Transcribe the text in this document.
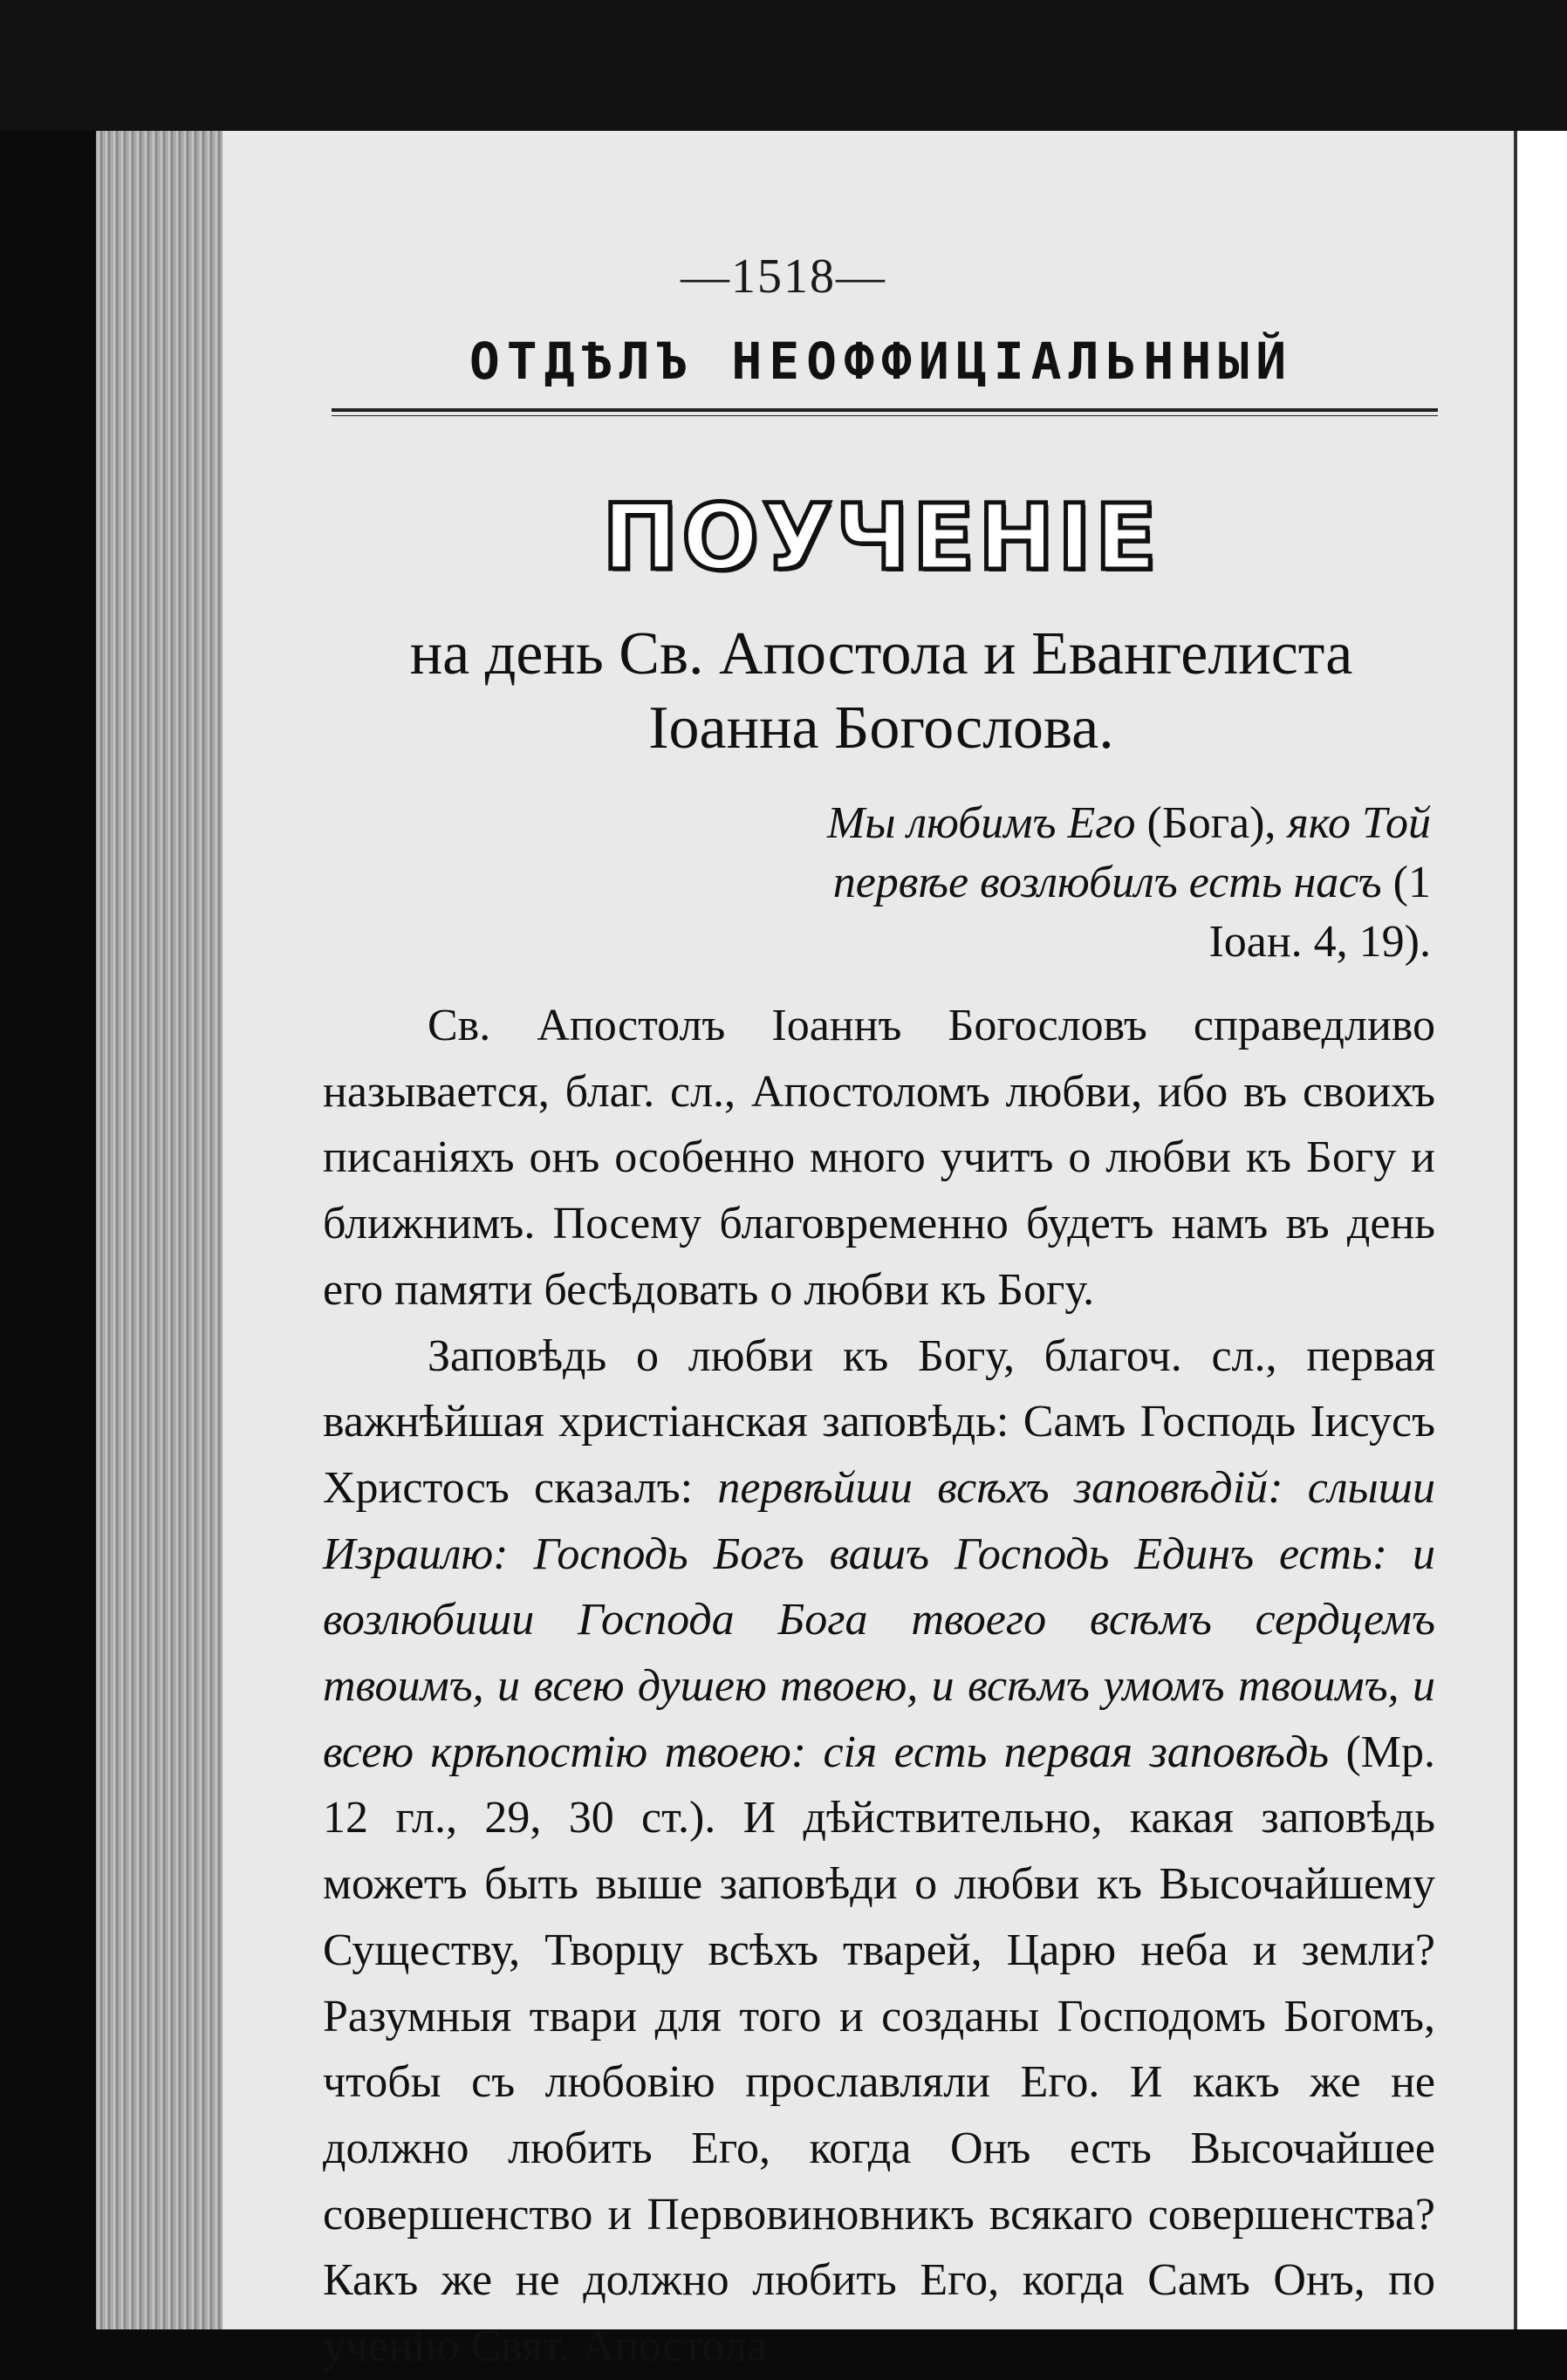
—1518—
ОТДѢЛЪ НЕОФФИЦІАЛЬННЫЙ
ПОУЧЕНІЕ
на день Св. Апостола и Евангелиста
Іоанна Богослова.
Мы любимъ Его (Бога), яко Той первѣе возлюбилъ есть насъ (1 Іоан. 4, 19).

Св. Апостолъ Іоаннъ Богословъ справедливо называется, благ. сл., Апостоломъ любви, ибо въ своихъ писаніяхъ онъ особенно много учитъ о любви къ Богу и ближнимъ. Посему благовременно будетъ намъ въ день его памяти бесѣдовать о любви къ Богу.

Заповѣдь о любви къ Богу, благоч. сл., первая важнѣйшая христіанская заповѣдь: Самъ Господь Іисусъ Христосъ сказалъ: первѣйши всѣхъ заповѣдій: слыши Израилю: Господь Богъ вашъ Господь Единъ есть: и возлюбиши Господа Бога твоего всѣмъ сердцемъ твоимъ, и всею душею твоею, и всѣмъ умомъ твоимъ, и всею крѣпостію твоею: сія есть первая заповѣдь (Мр. 12 гл., 29, 30 ст.). И дѣйствительно, какая заповѣдь можетъ быть выше заповѣди о любви къ Высочайшему Существу, Творцу всѣхъ тварей, Царю неба и земли? Разумныя твари для того и созданы Господомъ Богомъ, чтобы съ любовію прославляли Его. И какъ же не должно любить Его, когда Онъ есть Высочайшее совершенство и Первовиновникъ всякаго совершенства? Какъ же не должно любить Его, когда Самъ Онъ, по ученію Свят. Апостола
